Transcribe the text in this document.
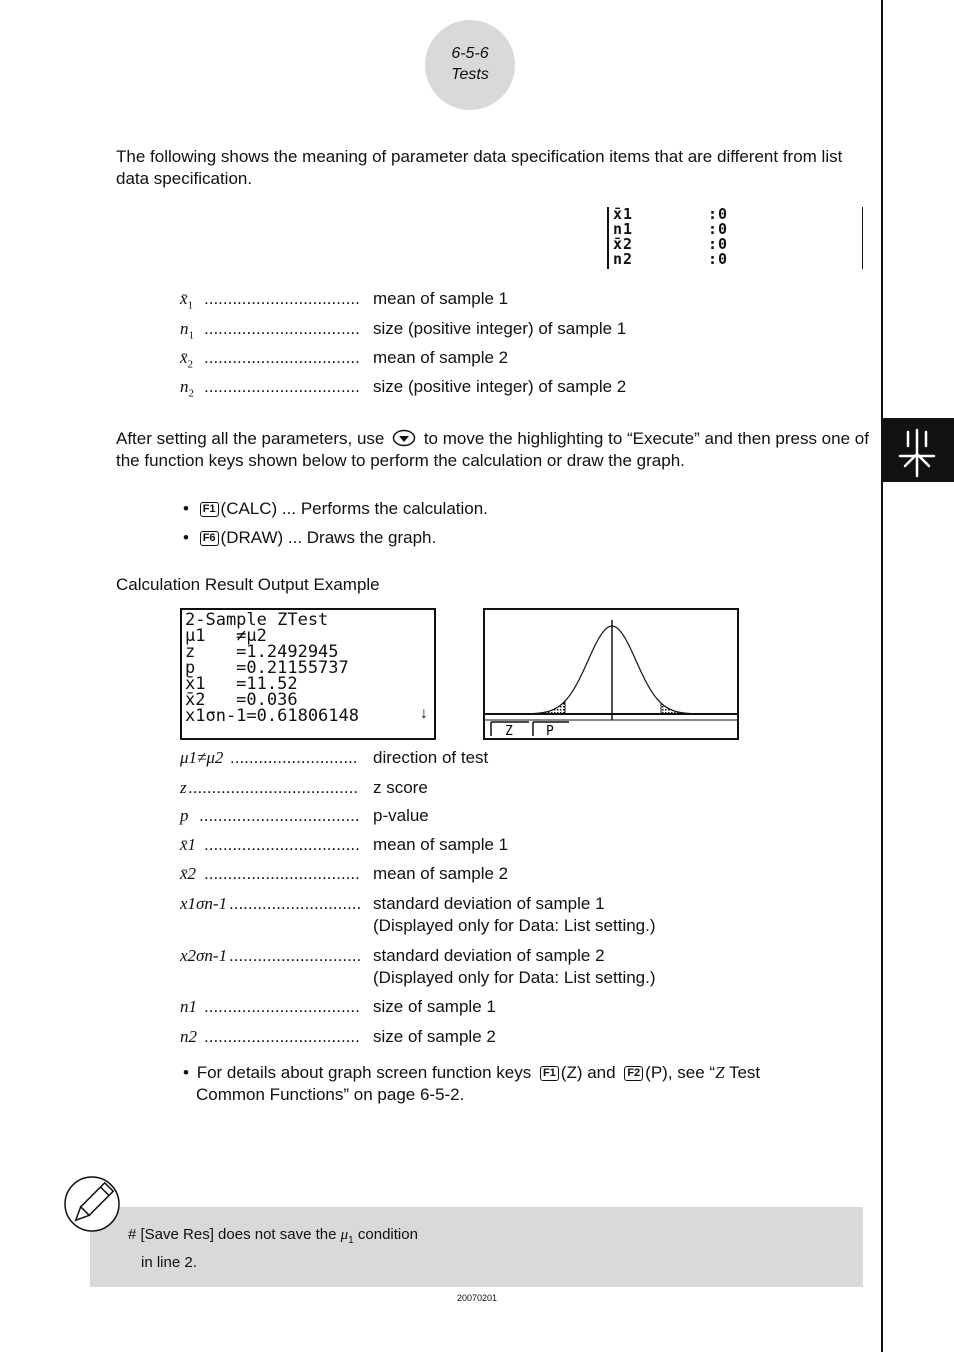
6-5-6
Tests
The following shows the meaning of parameter data specification items that are different from list data specification.
x̄1	:0
n1	:0
x̄2	:0
n2	:0
$x̄_1$ ................................. mean of sample 1
$n_1$ ................................. size (positive integer) of sample 1
$x̄_2$ ................................. mean of sample 2
$n_2$ ................................. size (positive integer) of sample 2
After setting all the parameters, use to move the highlighting to “Execute” and then press one of the function keys shown below to perform the calculation or draw the graph.
• F1 (CALC) ... Performs the calculation.
• F6 (DRAW) ... Draws the graph.
Calculation Result Output Example
2-Sample ZTest
μ1   ≠μ2
z    =1.2492945
p    =0.21155737
x̄1   =11.52
x̄2   =0.036
x1σn-1=0.61806148	↓
Z	P
μ1≠μ2 ........................... direction of test
z .................................... z score
p .................................. p-value
x̄1 ................................. mean of sample 1
x̄2 ................................. mean of sample 2
x1σn-1 ............................ standard deviation of sample 1
(Displayed only for Data: List setting.)
x2σn-1 ............................ standard deviation of sample 2
(Displayed only for Data: List setting.)
n1 ................................. size of sample 1
n2 ................................. size of sample 2
• For details about graph screen function keys F1 (Z) and F2 (P), see “Z Test
Common Functions” on page 6-5-2.
# [Save Res] does not save the $\mu_1$ condition
in line 2.
20070201
